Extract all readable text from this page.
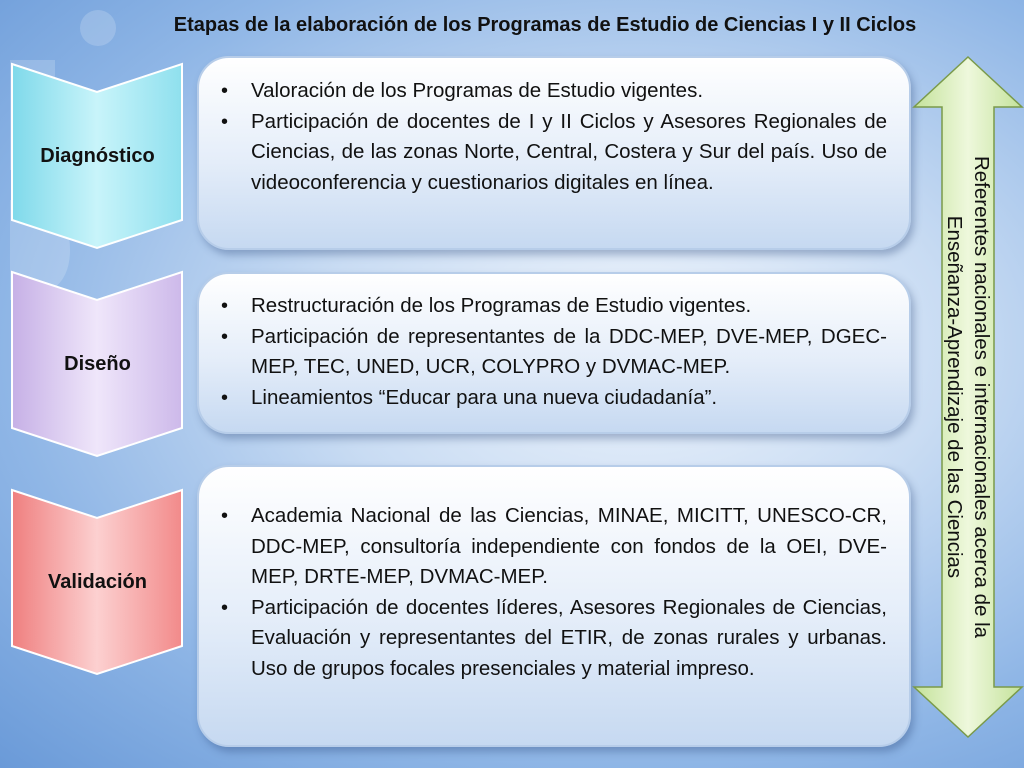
Etapas de la elaboración de los Programas de Estudio de Ciencias I y II Ciclos
Diagnóstico
• Valoración de los Programas de Estudio vigentes.
• Participación de docentes de I y II Ciclos y Asesores Regionales de Ciencias, de las zonas Norte, Central, Costera y Sur del país. Uso de videoconferencia y cuestionarios digitales en línea.
Diseño
• Restructuración de los Programas de Estudio vigentes.
• Participación de representantes de la DDC-MEP, DVE-MEP, DGEC-MEP, TEC, UNED, UCR, COLYPRO y DVMAC-MEP.
• Lineamientos “Educar para una nueva ciudadanía”.
Validación
• Academia Nacional de las Ciencias, MINAE, MICITT, UNESCO-CR, DDC-MEP, consultoría independiente con fondos de la OEI, DVE-MEP, DRTE-MEP, DVMAC-MEP.
• Participación de docentes líderes, Asesores Regionales de Ciencias, Evaluación y representantes del ETIR, de zonas rurales y urbanas. Uso de grupos focales presenciales y material impreso.
Referentes nacionales e internacionales acerca de la
Enseñanza-Aprendizaje de las Ciencias
